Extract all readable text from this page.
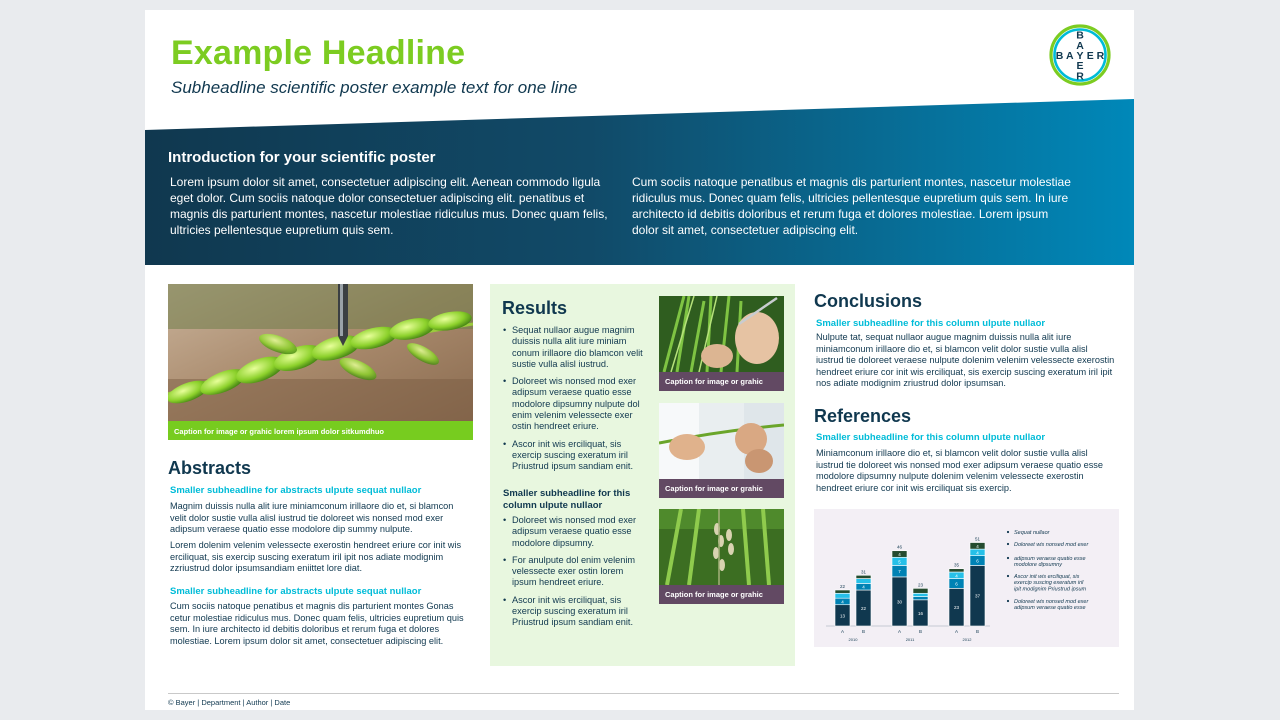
Example Headline
Subheadline scientific poster example text for one line
B
B
A
A
Y E
E
R
R
Introduction for your scientific poster
Lorem ipsum dolor sit amet, consectetuer adipiscing elit. Aenean commodo ligula eget dolor. Cum sociis natoque dolor consectetuer adipiscing elit. penatibus et magnis dis parturient montes, nascetur molestiae ridiculus mus. Donec quam felis, ultricies pellentesque eupretium quis sem.
Cum sociis natoque penatibus et magnis dis parturient montes, nascetur molestiae ridiculus mus. Donec quam felis, ultricies pellentesque eupretium quis sem. In iure architecto id debitis doloribus et rerum fuga et dolores molestiae. Lorem ipsum dolor sit amet, consectetuer adipiscing elit.
Caption for image or grahic lorem ipsum dolor sitkumdhuo
Abstracts
Smaller subheadline for abstracts ulpute sequat nullaor
Magnim duissis nulla alit iure miniamconum irillaore dio et, si blamcon velit dolor sustie vulla alisl iustrud tie doloreet wis nonsed mod exer adipsum veraese quatio esse modolore dip summy nulpute.
Lorem dolenim velenim velessecte exerostin hendreet eriure cor init wis erciliquat, sis exercip suscing exeratum iril ipit nos adiate modignim zzriustrud dolor ipsumsandiam eniittet lore diat.
Smaller subheadline for abstracts ulpute sequat nullaor
Cum sociis natoque penatibus et magnis dis parturient montes Gonas cetur molestiae ridiculus mus. Donec quam felis, ultricies eupretium quis sem. In iure architecto id debitis doloribus et rerum fuga et dolores molestiae. Lorem ipsum dolor sit amet, consectetuer adipiscing elit.
Results
• Sequat nullaor augue magnim duissis nulla alit iure miniam conum irillaore dio blamcon velit sustie vulla alisl iustrud.
• Doloreet wis nonsed mod exer adipsum veraese quatio esse modolore dipsumny nulpute dol enim velenim velessecte exer ostin hendreet eriure.
• Ascor init wis erciliquat, sis exercip suscing exeratum iril Priustrud ipsum sandiam enit.
Smaller subheadline for this column ulpute nullaor
• Doloreet wis nonsed mod exer adipsum veraese quatio esse modolore dipsumny.
• For anulpute dol enim velenim velessecte exer ostin lorem ipsum hendreet eriure.
• Ascor init wis erciliquat, sis exercip suscing exeratum iril Priustrud ipsum sandiam enit.
Caption for image or grahic
Caption for image or grahic
Caption for image or grahic
Conclusions
Smaller subheadline for this column ulpute nullaor
Nulpute tat, sequat nullaor augue magnim duissis nulla alit iure miniamconum irillaore dio et, si blamcon velit dolor sustie vulla alisl iustrud tie doloreet veraese nulpute dolenim velenim velessecte exerostin hendreet eriure cor init wis erciliquat, sis exercip suscing exeratum iril ipit nos adiate modignim zriustrud dolor ipsumsan.
References
Smaller subheadline for this column ulpute nullaor
Miniamconum irillaore dio et, si blamcon velit dolor sustie vulla alisl iustrud tie doloreet wis nonsed mod exer adipsum veraese quatio esse modolore dipsumny nulpute dolenim velenim velessecte exerostin hendreet eriure cor init wis erciliquat sis exercip.
13
4
22
A
22
4
31
B
30
7
5
4
46
A
16
23
B
23
6
4
35
A
37
6
4
4
51
B
2010	2011	2012
Sequat nullaor
Doloreet wis nonsed mod exer
adipsum veraese quatio esse modolore dipsumny
Ascor init wis erciliquat, sis exercip suscing exeratum iril ipit modignim Priustrud ipsum
Doloreet wis nonsed mod exer adipsum veraese quatio esse
© Bayer | Department | Author | Date
